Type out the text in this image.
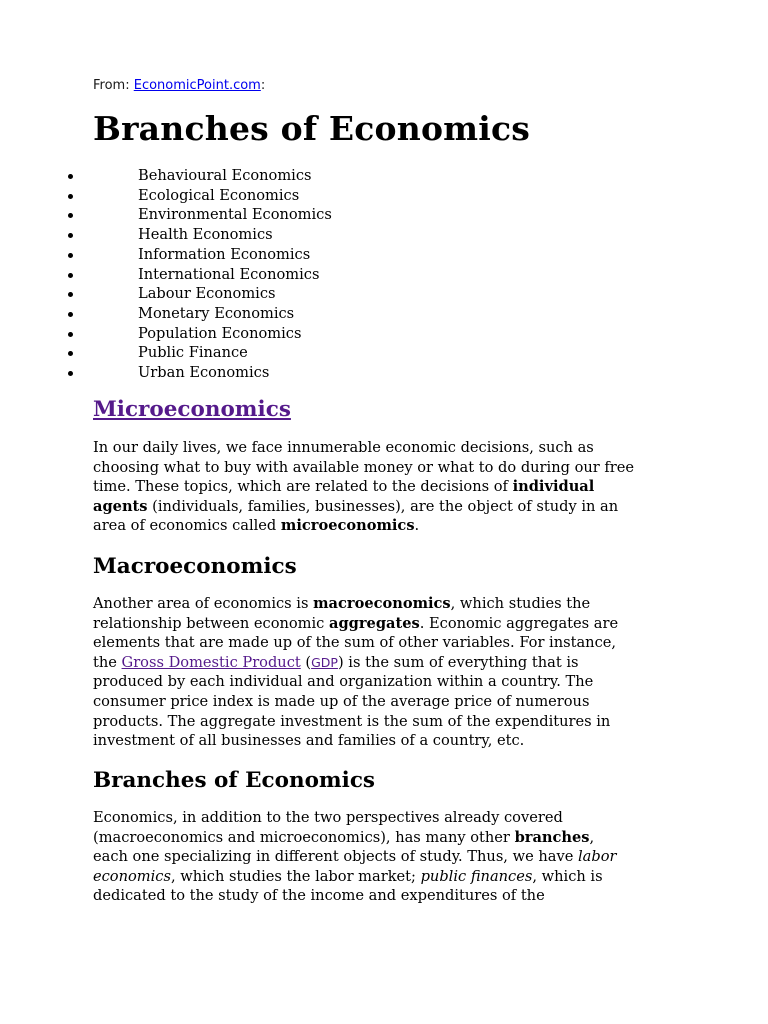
From: EconomicPoint.com:
Branches of Economics
Behavioural Economics
Ecological Economics
Environmental Economics
Health Economics
Information Economics
International Economics
Labour Economics
Monetary Economics
Population Economics
Public Finance
Urban Economics
Microeconomics

In our daily lives, we face innumerable economic decisions, such as
choosing what to buy with available money or what to do during our free
time. These topics, which are related to the decisions of individual
agents (individuals, families, businesses), are the object of study in an
area of economics called microeconomics.

Macroeconomics

Another area of economics is macroeconomics, which studies the
relationship between economic aggregates. Economic aggregates are
elements that are made up of the sum of other variables. For instance,
the Gross Domestic Product (GDP) is the sum of everything that is
produced by each individual and organization within a country. The
consumer price index is made up of the average price of numerous
products. The aggregate investment is the sum of the expenditures in
investment of all businesses and families of a country, etc.

Branches of Economics

Economics, in addition to the two perspectives already covered
(macroeconomics and microeconomics), has many other branches,
each one specializing in different objects of study. Thus, we have labor
economics, which studies the labor market; public finances, which is
dedicated to the study of the income and expenditures of the
